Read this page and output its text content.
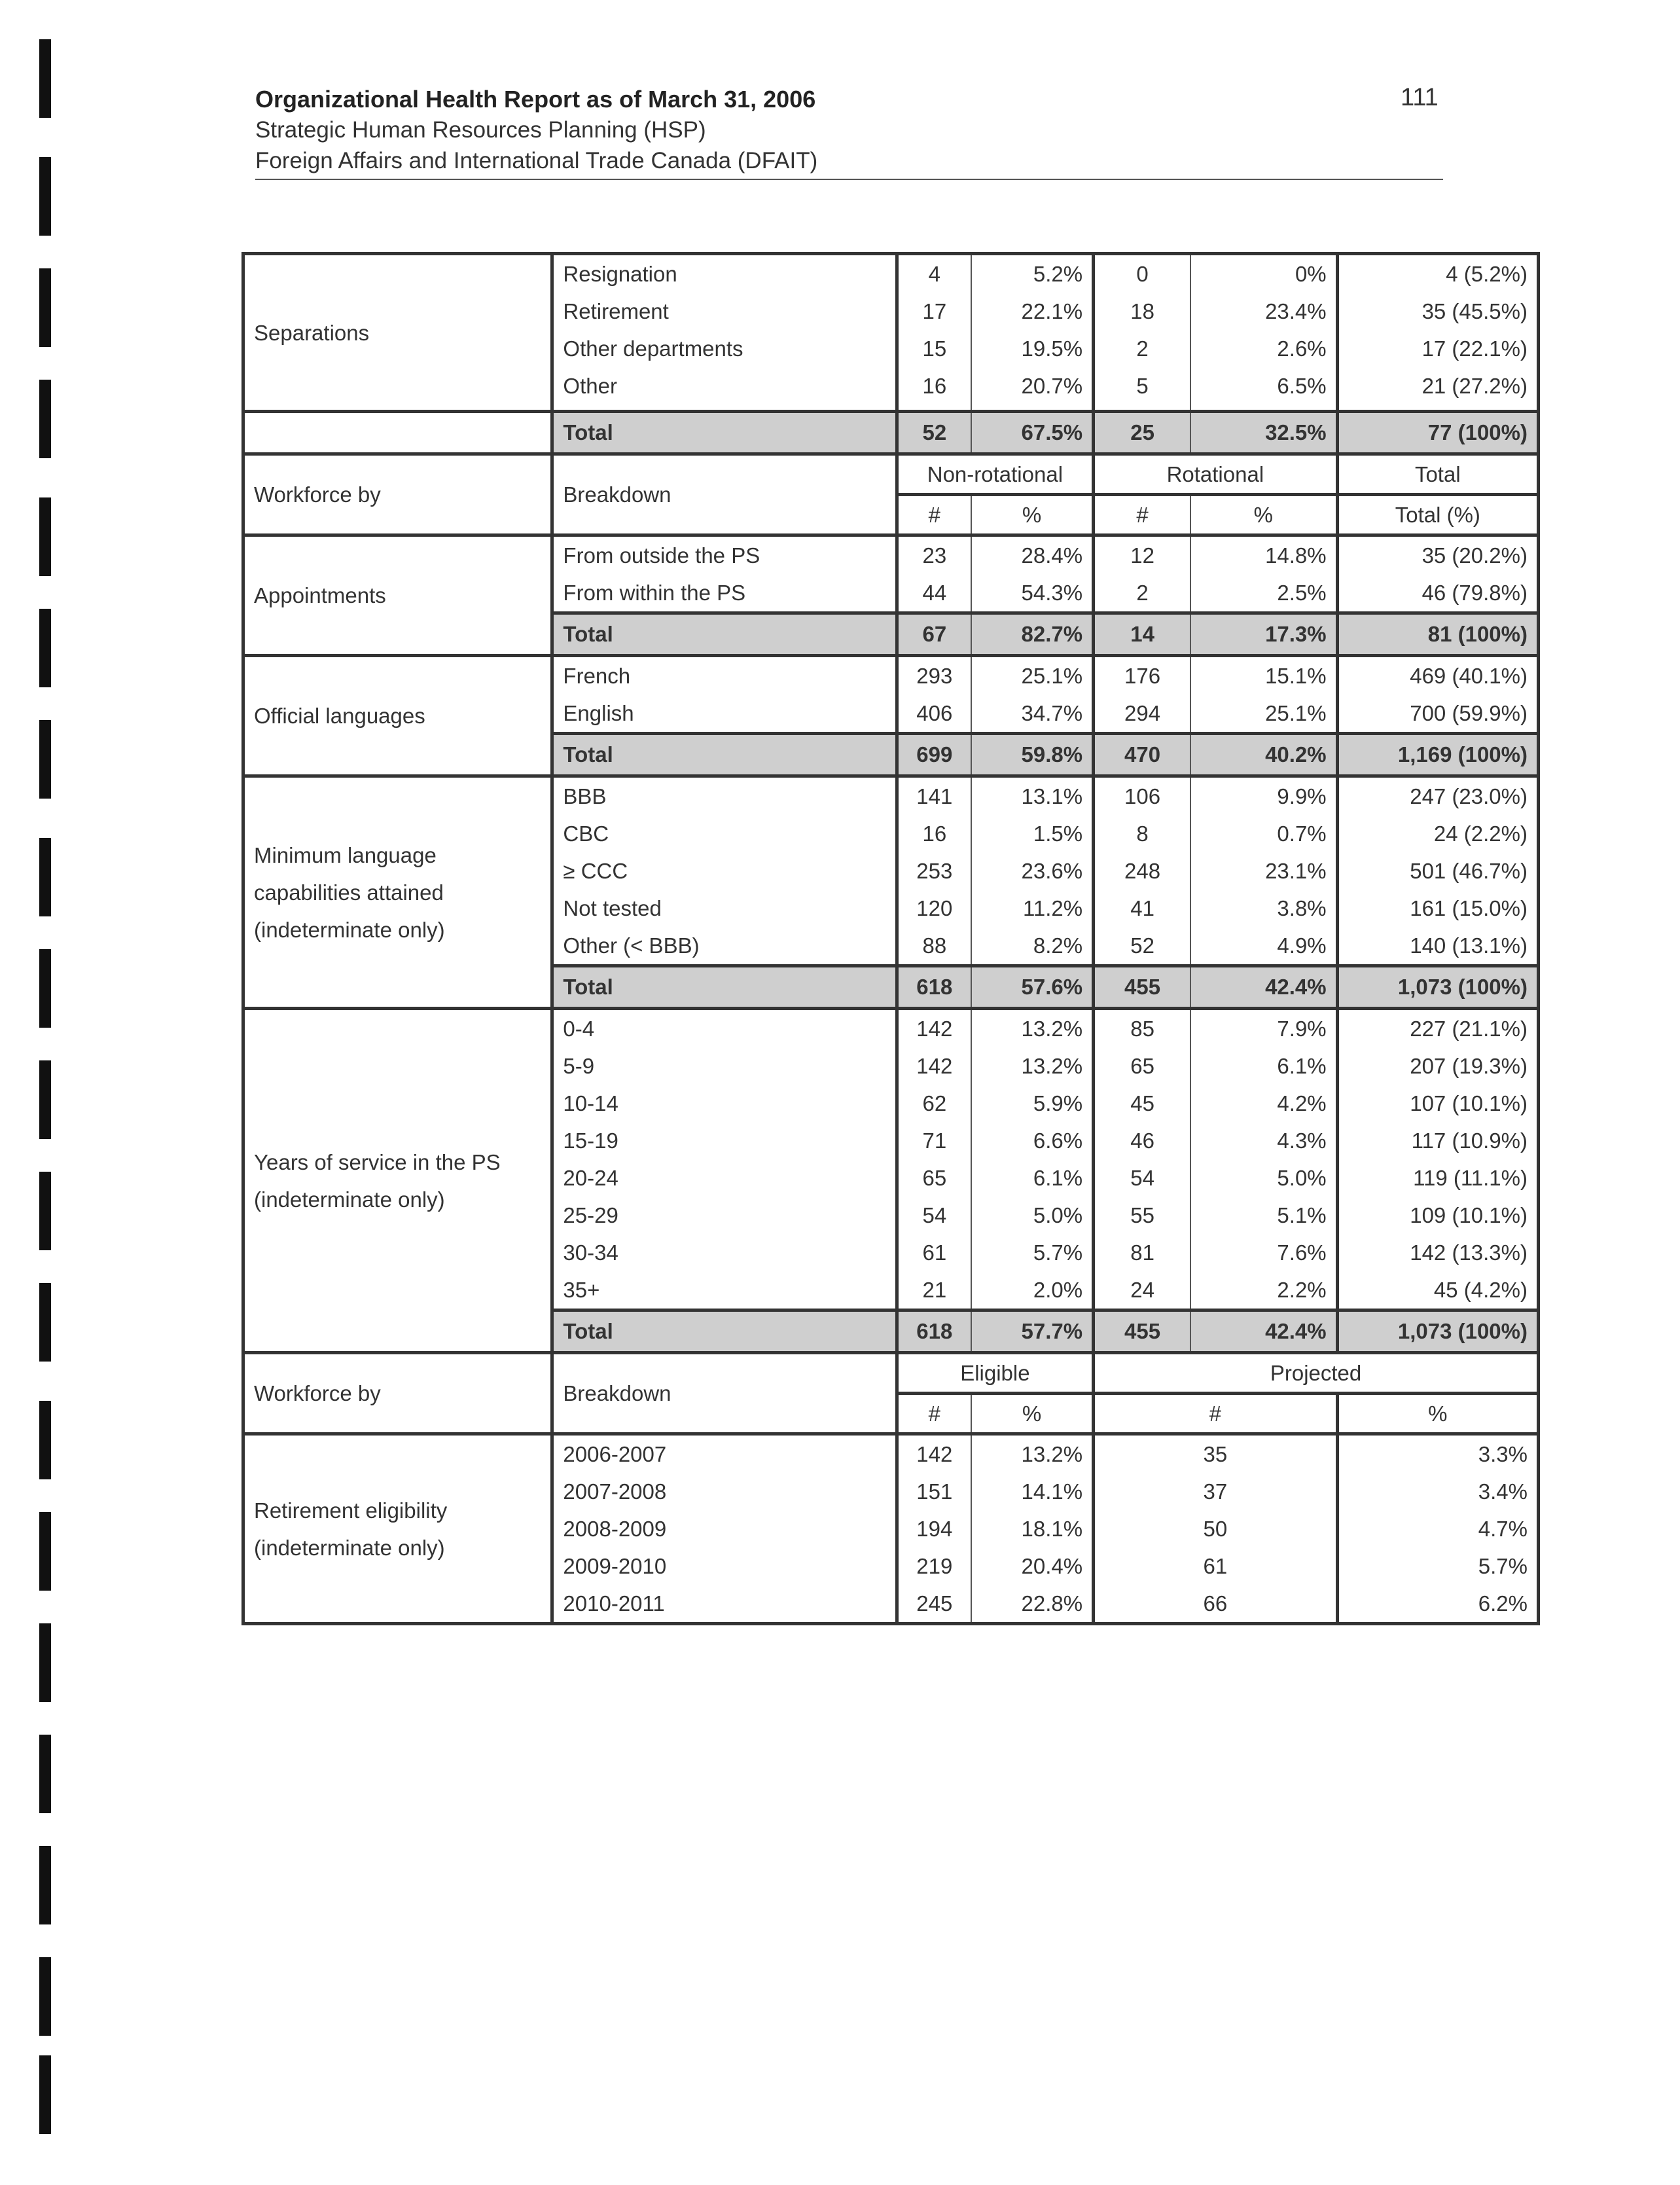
Organizational Health Report as of March 31, 2006
Strategic Human Resources Planning (HSP)
Foreign Affairs and International Trade Canada (DFAIT)
111
Separations	Resignation	4	5.2%	0	0%	4 (5.2%)
	Retirement	17	22.1%	18	23.4%	35 (45.5%)
	Other departments	15	19.5%	2	2.6%	17 (22.1%)
	Other	16	20.7%	5	6.5%	21 (27.2%)

	Total	52	67.5%	25	32.5%	77 (100%)
Workforce by	Breakdown	Non-rotational		Rotational		Total
		#	%	#	%	Total (%)

Appointments	From outside the PS	23	28.4%	12	14.8%	35 (20.2%)
	From within the PS	44	54.3%	2	2.5%	46 (79.8%)
	Total	67	82.7%	14	17.3%	81 (100%)

Official languages	French	293	25.1%	176	15.1%	469 (40.1%)
	English	406	34.7%	294	25.1%	700 (59.9%)
	Total	699	59.8%	470	40.2%	1,169 (100%)

Minimum language
capabilities attained
(indeterminate only)	BBB	141	13.1%	106	9.9%	247 (23.0%)
	CBC	16	1.5%	8	0.7%	24 (2.2%)
	≥ CCC	253	23.6%	248	23.1%	501 (46.7%)
	Not tested	120	11.2%	41	3.8%	161 (15.0%)
	Other (< BBB)	88	8.2%	52	4.9%	140 (13.1%)
	Total	618	57.6%	455	42.4%	1,073 (100%)

Years of service in the PS
(indeterminate only)	0-4	142	13.2%	85	7.9%	227 (21.1%)
	5-9	142	13.2%	65	6.1%	207 (19.3%)
	10-14	62	5.9%	45	4.2%	107 (10.1%)
	15-19	71	6.6%	46	4.3%	117 (10.9%)
	20-24	65	6.1%	54	5.0%	119 (11.1%)
	25-29	54	5.0%	55	5.1%	109 (10.1%)
	30-34	61	5.7%	81	7.6%	142 (13.3%)
	35+	21	2.0%	24	2.2%	45 (4.2%)
	Total	618	57.7%	455	42.4%	1,073 (100%)
Workforce by	Breakdown	Eligible		Projected		
		#	%	#		%

Retirement eligibility
(indeterminate only)	2006-2007	142	13.2%	35		3.3%
	2007-2008	151	14.1%	37		3.4%
	2008-2009	194	18.1%	50		4.7%
	2009-2010	219	20.4%	61		5.7%
	2010-2011	245	22.8%	66		6.2%
